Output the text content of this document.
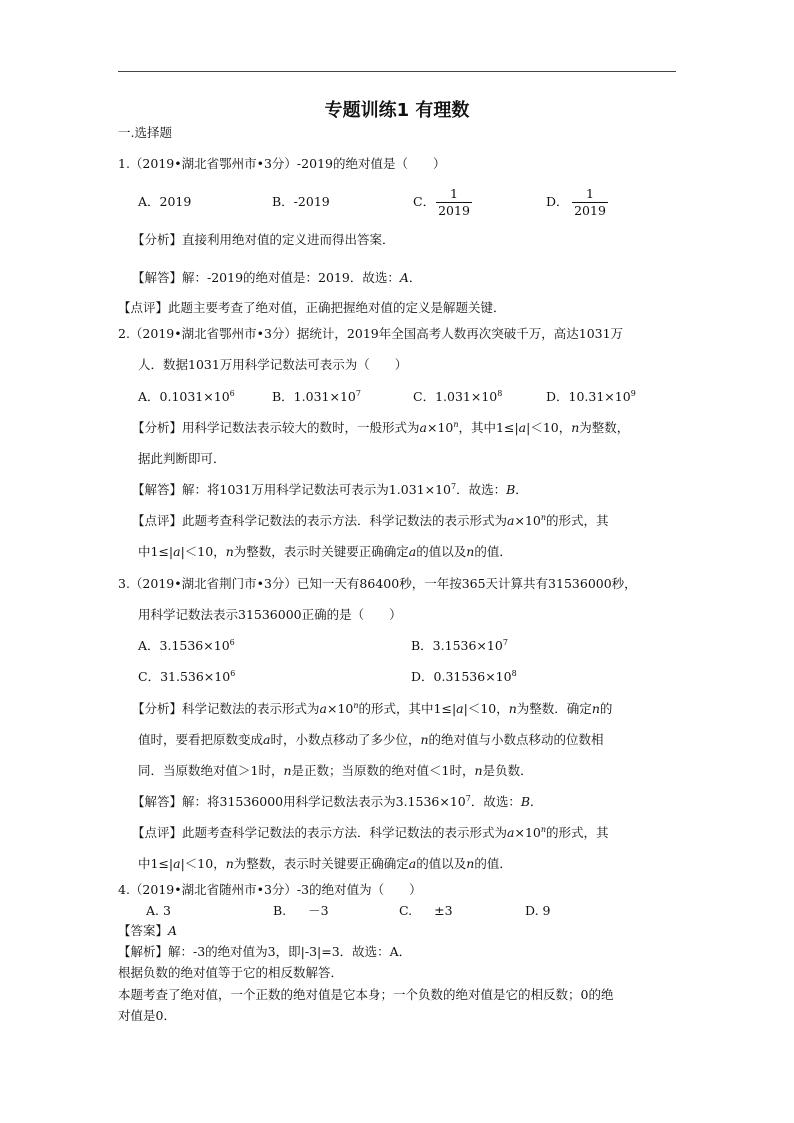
专题训练1 有理数
一.选择题
1.（2019•湖北省鄂州市•3分）-2019的绝对值是（　　）
A．2019	B．-2019	C． $\frac{1}{2019}$	D． $\frac{1}{2019}$
【分析】直接利用绝对值的定义进而得出答案．
【解答】解：-2019的绝对值是：2019．故选：A．
【点评】此题主要考查了绝对值，正确把握绝对值的定义是解题关键．
2.（2019•湖北省鄂州市•3分）据统计，2019年全国高考人数再次突破千万，高达1031万
人．数据1031万用科学记数法可表示为（　　）
A．$0.1031\times 10^6$	B．$1.031\times 10^7$	C．$1.031\times 10^8$	D．$10.31\times 10^9$
【分析】用科学记数法表示较大的数时，一般形式为$a\times 10^n$，其中1≤|a|＜10，n为整数，
据此判断即可．
【解答】解：将1031万用科学记数法可表示为$1.031\times 10^7$．故选：B．
【点评】此题考查科学记数法的表示方法．科学记数法的表示形式为$a\times 10^n$的形式，其
中1≤|a|＜10，n为整数，表示时关键要正确确定a的值以及n的值．
3.（2019•湖北省荆门市•3分）已知一天有86400秒，一年按365天计算共有31536000秒，
用科学记数法表示31536000正确的是（　　）
A．$3.1536\times 10^6$	B．$3.1536\times 10^7$
C．$31.536\times 10^6$	D．$0.31536\times 10^8$
【分析】科学记数法的表示形式为$a\times 10^n$的形式，其中1≤|a|＜10，n为整数．确定n的
值时，要看把原数变成a时，小数点移动了多少位，n的绝对值与小数点移动的位数相
同．当原数绝对值＞1时，n是正数；当原数的绝对值＜1时，n是负数．
【解答】解：将31536000用科学记数法表示为$3.1536\times 10^7$．故选：B．
【点评】此题考查科学记数法的表示方法．科学记数法的表示形式为$a\times 10^n$的形式，其
中1≤|a|＜10，n为整数，表示时关键要正确确定a的值以及n的值．
4.（2019•湖北省随州市•3分）-3的绝对值为（　　）
A. 3	B. －3	C. ±3	D. 9
【答案】A
【解析】解：-3的绝对值为3，即|-3|=3．故选：A．
根据负数的绝对值等于它的相反数解答．
本题考查了绝对值，一个正数的绝对值是它本身；一个负数的绝对值是它的相反数；0的绝
对值是0．
